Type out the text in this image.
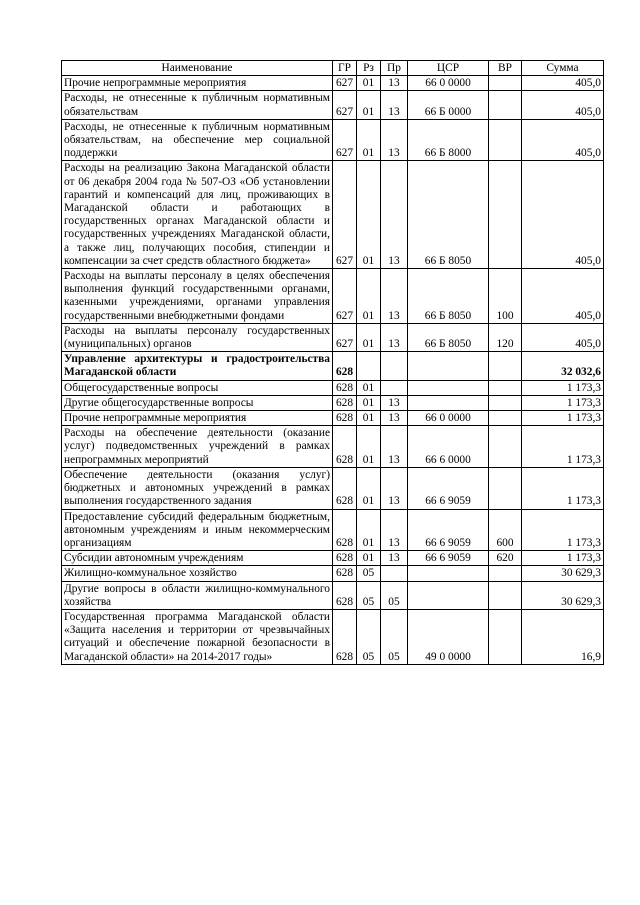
Наименование	ГР	Рз	Пр	ЦСР	ВР	Сумма
Прочие непрограммные мероприятия	627	01	13	66 0 0000		405,0
Расходы, не отнесенные к публичным нормативным обязательствам	627	01	13	66 Б 0000		405,0
Расходы, не отнесенные к публичным нормативным обязательствам, на обеспечение мер социальной поддержки	627	01	13	66 Б 8000		405,0
Расходы на реализацию Закона Магаданской области от 06 декабря 2004 года № 507-ОЗ «Об установлении гарантий и компенсаций для лиц, проживающих в Магаданской области и работающих в государственных органах Магаданской области и государственных учреждениях Магаданской области, а также лиц, получающих пособия, стипендии и компенсации за счет средств областного бюджета»	627	01	13	66 Б 8050		405,0
Расходы на выплаты персоналу в целях обеспечения выполнения функций государственными органами, казенными учреждениями, органами управления государственными внебюджетными фондами	627	01	13	66 Б 8050	100	405,0
Расходы на выплаты персоналу государственных (муниципальных) органов	627	01	13	66 Б 8050	120	405,0
Управление архитектуры и градостроительства Магаданской области	628					32 032,6
Общегосударственные вопросы	628	01				1 173,3
Другие общегосударственные вопросы	628	01	13			1 173,3
Прочие непрограммные мероприятия	628	01	13	66 0 0000		1 173,3
Расходы на обеспечение деятельности (оказание услуг) подведомственных учреждений в рамках непрограммных мероприятий	628	01	13	66 6 0000		1 173,3
Обеспечение деятельности (оказания услуг) бюджетных и автономных учреждений в рамках выполнения государственного задания	628	01	13	66 6 9059		1 173,3
Предоставление субсидий федеральным бюджетным, автономным учреждениям и иным некоммерческим организациям	628	01	13	66 6 9059	600	1 173,3
Субсидии автономным учреждениям	628	01	13	66 6 9059	620	1 173,3
Жилищно-коммунальное хозяйство	628	05				30 629,3
Другие вопросы в области жилищно-коммунального хозяйства	628	05	05			30 629,3
Государственная программа Магаданской области «Защита населения и территории от чрезвычайных ситуаций и обеспечение пожарной безопасности в Магаданской области» на 2014-2017 годы»	628	05	05	49 0 0000		16,9
